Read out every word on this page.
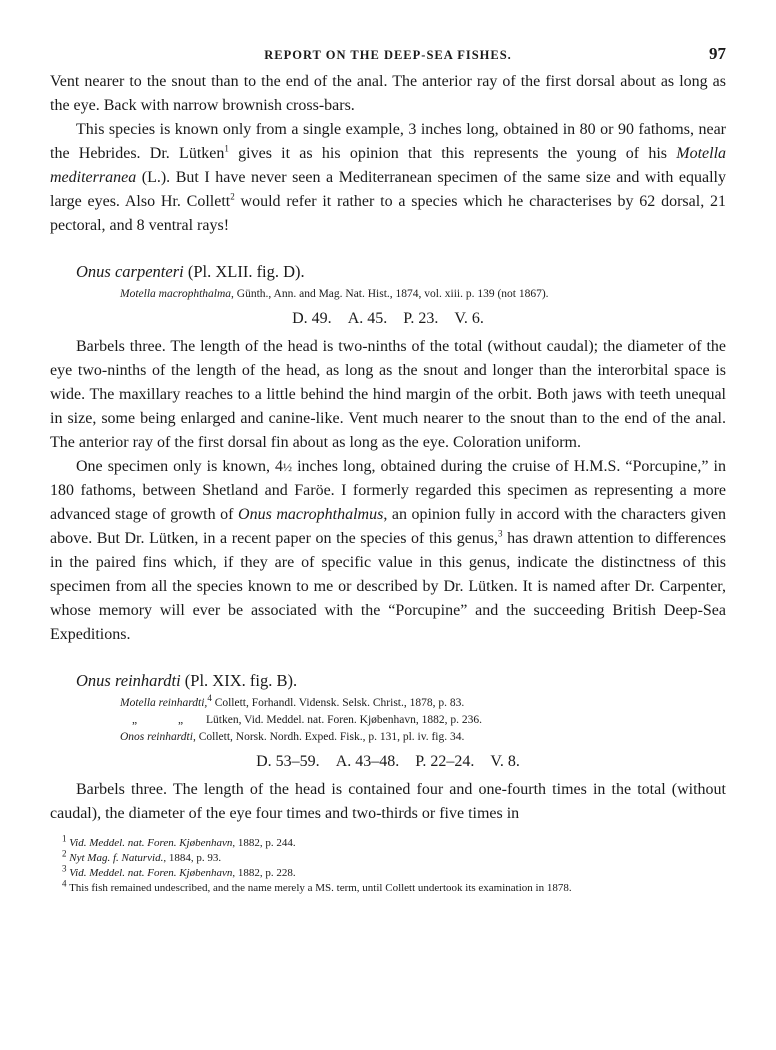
REPORT ON THE DEEP-SEA FISHES.	97

Vent nearer to the snout than to the end of the anal. The anterior ray of the first dorsal about as long as the eye. Back with narrow brownish cross-bars.

This species is known only from a single example, 3 inches long, obtained in 80 or 90 fathoms, near the Hebrides. Dr. Lütken$^1$ gives it as his opinion that this represents the young of his Motella mediterranea (L.). But I have never seen a Mediterranean specimen of the same size and with equally large eyes. Also Hr. Collett$^2$ would refer it rather to a species which he characterises by 62 dorsal, 21 pectoral, and 8 ventral rays!

Onus carpenteri (Pl. XLII. fig. D).
Motella macrophthalma, Günth., Ann. and Mag. Nat. Hist., 1874, vol. xiii. p. 139 (not 1867).
D. 49. A. 45. P. 23. V. 6.

Barbels three. The length of the head is two-ninths of the total (without caudal); the diameter of the eye two-ninths of the length of the head, as long as the snout and longer than the interorbital space is wide. The maxillary reaches to a little behind the hind margin of the orbit. Both jaws with teeth unequal in size, some being enlarged and canine-like. Vent much nearer to the snout than to the end of the anal. The anterior ray of the first dorsal fin about as long as the eye. Coloration uniform.

One specimen only is known, 4½ inches long, obtained during the cruise of H.M.S. “Porcupine,” in 180 fathoms, between Shetland and Faröe. I formerly regarded this specimen as representing a more advanced stage of growth of Onus macrophthalmus, an opinion fully in accord with the characters given above. But Dr. Lütken, in a recent paper on the species of this genus,$^3$ has drawn attention to differences in the paired fins which, if they are of specific value in this genus, indicate the distinctness of this specimen from all the species known to me or described by Dr. Lütken. It is named after Dr. Carpenter, whose memory will ever be associated with the “Porcupine” and the succeeding British Deep-Sea Expeditions.

Onus reinhardti (Pl. XIX. fig. B).
Motella reinhardti,$^4$ Collett, Forhandl. Vidensk. Selsk. Christ., 1878, p. 83.
„	„ Lütken, Vid. Meddel. nat. Foren. Kjøbenhavn, 1882, p. 236.
Onos reinhardti, Collett, Norsk. Nordh. Exped. Fisk., p. 131, pl. iv. fig. 34.
D. 53–59. A. 43–48. P. 22–24. V. 8.

Barbels three. The length of the head is contained four and one-fourth times in the total (without caudal), the diameter of the eye four times and two-thirds or five times in

$^1$ Vid. Meddel. nat. Foren. Kjøbenhavn, 1882, p. 244.
$^2$ Nyt Mag. f. Naturvid., 1884, p. 93.
$^3$ Vid. Meddel. nat. Foren. Kjøbenhavn, 1882, p. 228.
$^4$ This fish remained undescribed, and the name merely a MS. term, until Collett undertook its examination in 1878.
